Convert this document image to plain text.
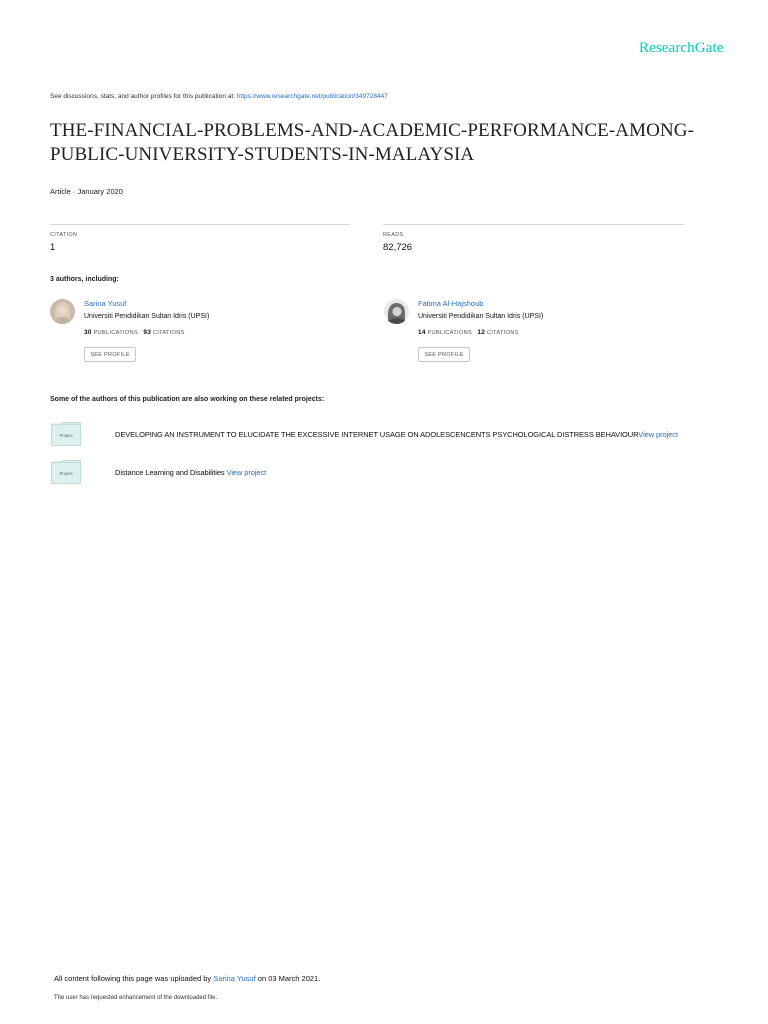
ResearchGate
See discussions, stats, and author profiles for this publication at: https://www.researchgate.net/publication/349728447
THE-FINANCIAL-PROBLEMS-AND-ACADEMIC-PERFORMANCE-AMONG-
PUBLIC-UNIVERSITY-STUDENTS-IN-MALAYSIA
Article · January 2020
CITATION
1
READS
82,726
3 authors, including:
Sarina Yusuf
Universiti Pendidikan Sultan Idris (UPSI)
30 PUBLICATIONS 93 CITATIONS
SEE PROFILE
Fatima Al-Hajshoub
Universiti Pendidikan Sultan Idris (UPSI)
14 PUBLICATIONS 12 CITATIONS
SEE PROFILE
Some of the authors of this publication are also working on these related projects:
Project	DEVELOPING AN INSTRUMENT TO ELUCIDATE THE EXCESSIVE INTERNET USAGE ON ADOLESCENCENTS PSYCHOLOGICAL DISTRESS BEHAVIOURView project
Project	Distance Learning and Disabilities View project
All content following this page was uploaded by Sarina Yusuf on 03 March 2021.
The user has requested enhancement of the downloaded file.
